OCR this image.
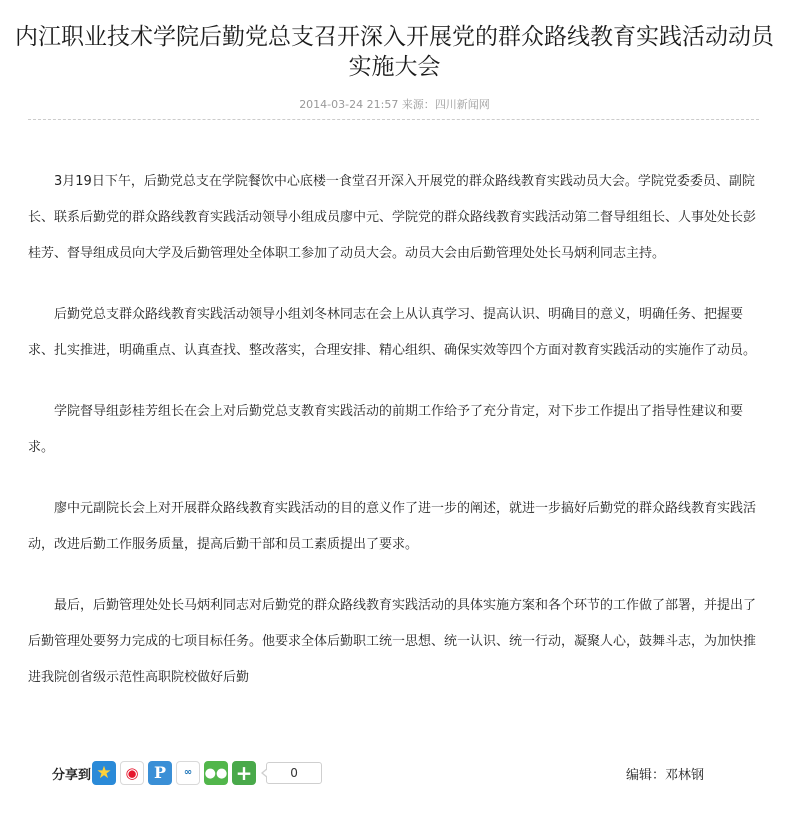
内江职业技术学院后勤党总支召开深入开展党的群众路线教育实践活动动员实施大会
2014-03-24 21:57 来源：四川新闻网

3月19日下午，后勤党总支在学院餐饮中心底楼一食堂召开深入开展党的群众路线教育实践动员大会。学院党委委员、副院长、联系后勤党的群众路线教育实践活动领导小组成员廖中元、学院党的群众路线教育实践活动第二督导组组长、人事处处长彭桂芳、督导组成员向大学及后勤管理处全体职工参加了动员大会。动员大会由后勤管理处处长马炳利同志主持。

后勤党总支群众路线教育实践活动领导小组刘冬林同志在会上从认真学习、提高认识、明确目的意义，明确任务、把握要求、扎实推进，明确重点、认真查找、整改落实，合理安排、精心组织、确保实效等四个方面对教育实践活动的实施作了动员。

学院督导组彭桂芳组长在会上对后勤党总支教育实践活动的前期工作给予了充分肯定，对下步工作提出了指导性建议和要求。

廖中元副院长会上对开展群众路线教育实践活动的目的意义作了进一步的阐述，就进一步搞好后勤党的群众路线教育实践活动，改进后勤工作服务质量，提高后勤干部和员工素质提出了要求。

最后，后勤管理处处长马炳利同志对后勤党的群众路线教育实践活动的具体实施方案和各个环节的工作做了部署，并提出了后勤管理处要努力完成的七项目标任务。他要求全体后勤职工统一思想、统一认识、统一行动，凝聚人心，鼓舞斗志，为加快推进我院创省级示范性高职院校做好后勤

分享到 ★ ◉ P	∞ ●● +	0	编辑：邓林钢
